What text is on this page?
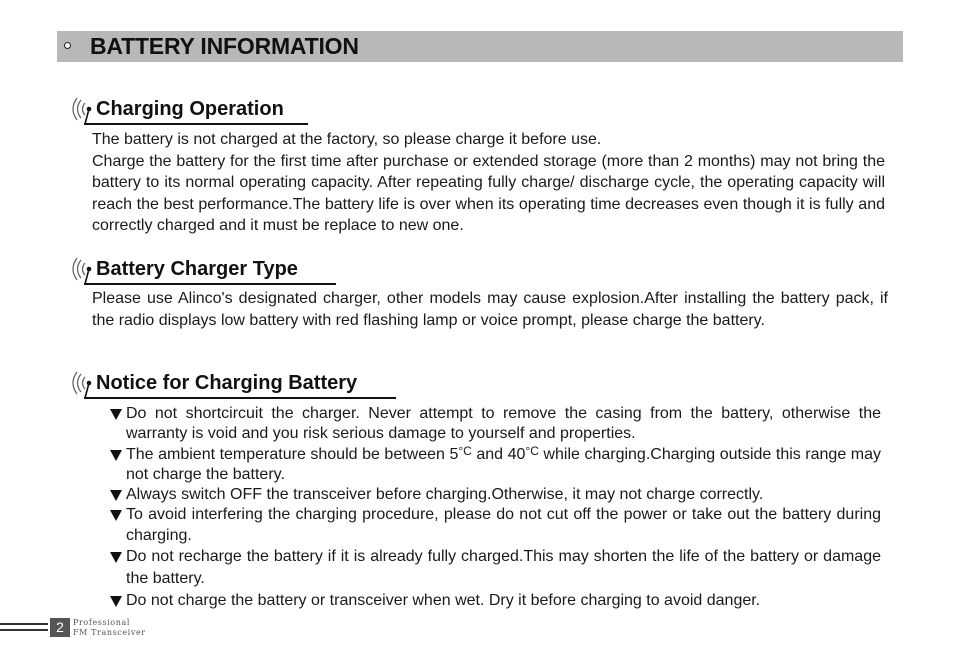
BATTERY INFORMATION
Charging Operation

The battery is not charged at the factory, so please charge it before use.

Charge the battery for the first time after purchase or extended storage (more than 2 months) may not bring the battery to its normal operating capacity. After repeating fully charge/ discharge cycle, the operating capacity will reach the best performance.The battery life is over when its operating time decreases even though it is fully and correctly charged and it must be replace to new one.

Battery Charger Type

Please use Alinco's designated charger, other models may cause explosion.After installing the battery pack, if the radio displays low battery with red flashing lamp or voice prompt, please charge the battery.

Notice for Charging Battery
Do not shortcircuit the charger. Never attempt to remove the casing from the battery, otherwise the warranty is void and you risk serious damage to yourself and properties.
The ambient temperature should be between $5^{^\circ C}$ and $40^{^\circ C}$ while charging.Charging outside this range may not charge the battery.
Always switch OFF the transceiver before charging.Otherwise, it may not charge correctly.
To avoid interfering the charging procedure, please do not cut off the power or take out the battery during charging.
Do not recharge the battery if it is already fully charged.This may shorten the life of the battery or damage the battery.
Do not charge the battery or transceiver when wet. Dry it before charging to avoid danger.
2	Professional
FM Transceiver
